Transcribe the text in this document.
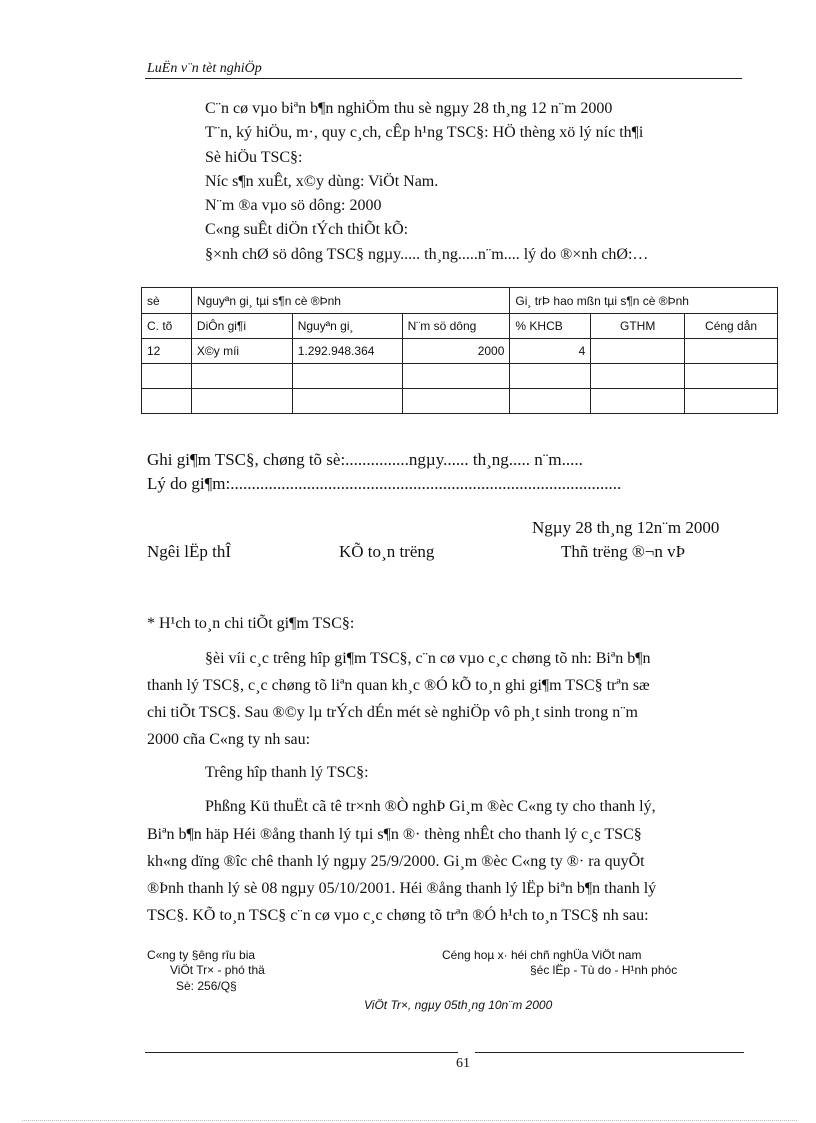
LuËn v¨n tèt nghiÖp
C¨n cø vµo biªn b¶n nghiÖm thu sè ngµy 28 th¸ng 12 n¨m 2000
T¨n, ký hiÖu, m·, quy c¸ch, cÊp h¹ng TSC§: HÖ thèng xö lý níc th¶i
Sè hiÖu TSC§:
Níc s¶n xuÊt, x©y dùng: ViÖt Nam.
N¨m ®a vµo sö dông: 2000
C«ng suÊt diÖn tÝch thiÕt kÕ:
§×nh chØ sö dông TSC§ ngµy..... th¸ng.....n¨m.... lý do ®×nh chØ:…
sè	Nguyªn gi¸ tµi s¶n cè ®Þnh			Gi¸ trÞ hao mßn tµi s¶n cè ®Þnh		
C. tõ	DiÔn gi¶i	Nguyªn gi¸	N¨m sö dông	% KHCB	GTHM	Céng dån
12	X©y míi	1.292.948.364	2000	4		

Ghi gi¶m TSC§, chøng tõ sè:...............ngµy...... th¸ng..... n¨m.....
Lý do gi¶m:............................................................................................
Ngµy 28 th¸ng 12n¨m 2000
Ngêi lËp thÎ	KÕ to¸n trëng	Thñ trëng ®¬n vÞ
* H¹ch to¸n chi tiÕt gi¶m TSC§:
§èi víi c¸c trêng hîp gi¶m TSC§, c¨n cø vµo c¸c chøng tõ nh: Biªn b¶n
thanh lý TSC§, c¸c chøng tõ liªn quan kh¸c ®Ó kÕ to¸n ghi gi¶m TSC§ trªn sæ
chi tiÕt TSC§. Sau ®©y lµ trÝch dÉn mét sè nghiÖp vô ph¸t sinh trong n¨m
2000 cña C«ng ty nh sau:
Trêng hîp thanh lý TSC§:
Phßng Kü thuËt cã tê tr×nh ®Ò nghÞ Gi¸m ®èc C«ng ty cho thanh lý,
Biªn b¶n häp Héi ®ång thanh lý tµi s¶n ®· thèng nhÊt cho thanh lý c¸c TSC§
kh«ng dïng ®îc chê thanh lý ngµy 25/9/2000. Gi¸m ®èc C«ng ty ®· ra quyÕt
®Þnh thanh lý sè 08 ngµy 05/10/2001. Héi ®ång thanh lý lËp biªn b¶n thanh lý
TSC§. KÕ to¸n TSC§ c¨n cø vµo c¸c chøng tõ trªn ®Ó h¹ch to¸n TSC§ nh sau:
C«ng ty §êng rîu bia
ViÖt Tr× - phó thä
Sè: 256/Q§
Céng hoµ x· héi chñ nghÜa ViÖt nam
§éc lËp - Tù do - H¹nh phóc
ViÖt Tr×, ngµy 05th¸ng 10n¨m 2000
61
